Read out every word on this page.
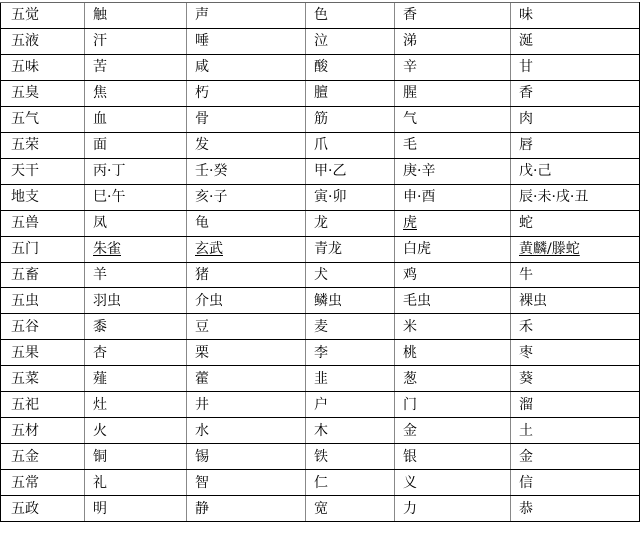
五觉	触	声	色	香	味
五液	汗	唾	泣	涕	涎
五味	苦	咸	酸	辛	甘
五臭	焦	朽	膻	腥	香
五气	血	骨	筋	气	肉
五荣	面	发	爪	毛	唇
天干	丙·丁	壬·癸	甲·乙	庚·辛	戊·己
地支	巳·午	亥·子	寅·卯	申·酉	辰·未·戌·丑
五兽	凤	龟	龙	虎	蛇
五门	朱雀	玄武	青龙	白虎	黄麟/滕蛇
五畜	羊	猪	犬	鸡	牛
五虫	羽虫	介虫	鳞虫	毛虫	裸虫
五谷	黍	豆	麦	米	禾
五果	杏	栗	李	桃	枣
五菜	薤	藿	韭	葱	葵
五祀	灶	井	户	门	溜
五材	火	水	木	金	土
五金	铜	锡	铁	银	金
五常	礼	智	仁	义	信
五政	明	静	宽	力	恭
